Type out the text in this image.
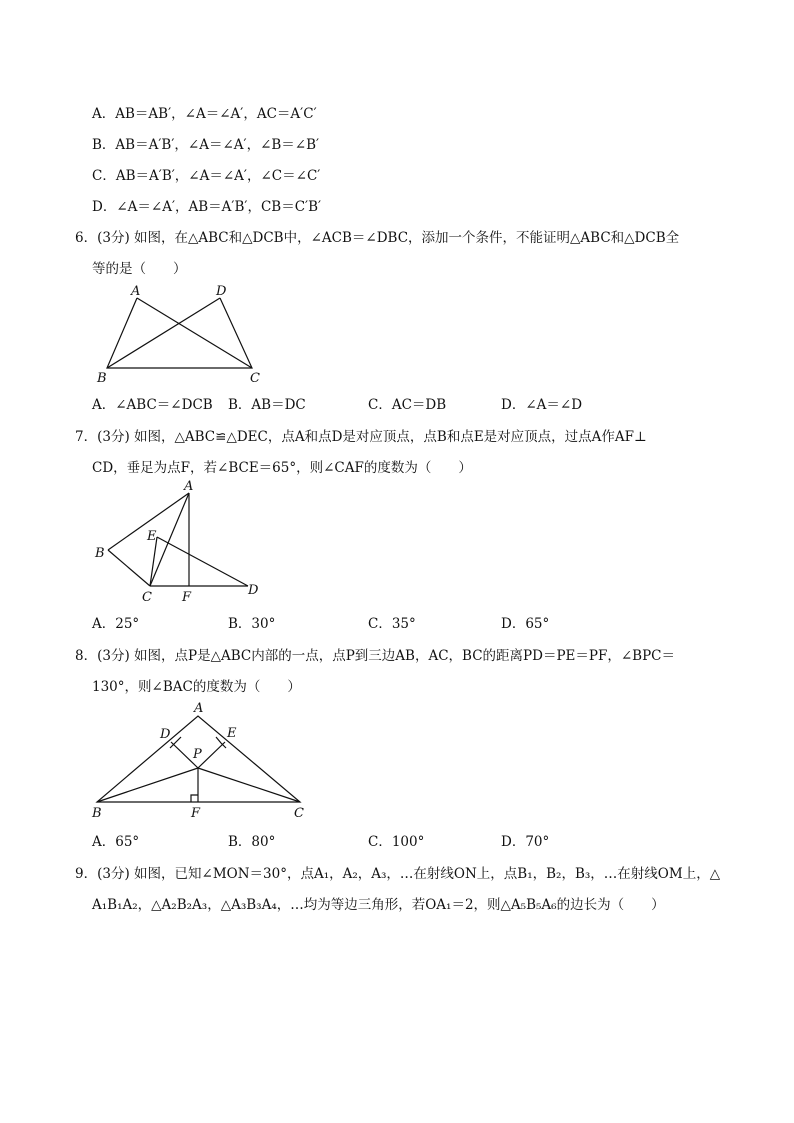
A．AB＝AB′，∠A＝∠A′，AC＝A′C′
B．AB＝A′B′，∠A＝∠A′，∠B＝∠B′
C．AB＝A′B′，∠A＝∠A′，∠C＝∠C′
D．∠A＝∠A′，AB＝A′B′，CB＝C′B′
6．(3分) 如图，在△ABC和△DCB中，∠ACB＝∠DBC，添加一个条件，不能证明△ABC和△DCB全
等的是（　　）
A	D
B	C
A．∠ABC＝∠DCB B．AB＝DC	C．AC＝DB	D．∠A＝∠D
7．(3分) 如图，△ABC≌△DEC，点A和点D是对应顶点，点B和点E是对应顶点，过点A作AF⊥
CD，垂足为点F，若∠BCE＝65°，则∠CAF的度数为（　　）
A
B
E
C F	D
A．25°	B．30°	C．35°	D．65°
8．(3分) 如图，点P是△ABC内部的一点，点P到三边AB，AC，BC的距离PD＝PE＝PF，∠BPC＝
130°，则∠BAC的度数为（　　）
A
D	E
P
B	F	C
A．65°	B．80°	C．100°	D．70°
9．(3分) 如图，已知∠MON＝30°，点A₁，A₂，A₃，…在射线ON上，点B₁，B₂，B₃，…在射线OM上，△
A₁B₁A₂，△A₂B₂A₃，△A₃B₃A₄，…均为等边三角形，若OA₁＝2，则△A₅B₅A₆的边长为（　　）
